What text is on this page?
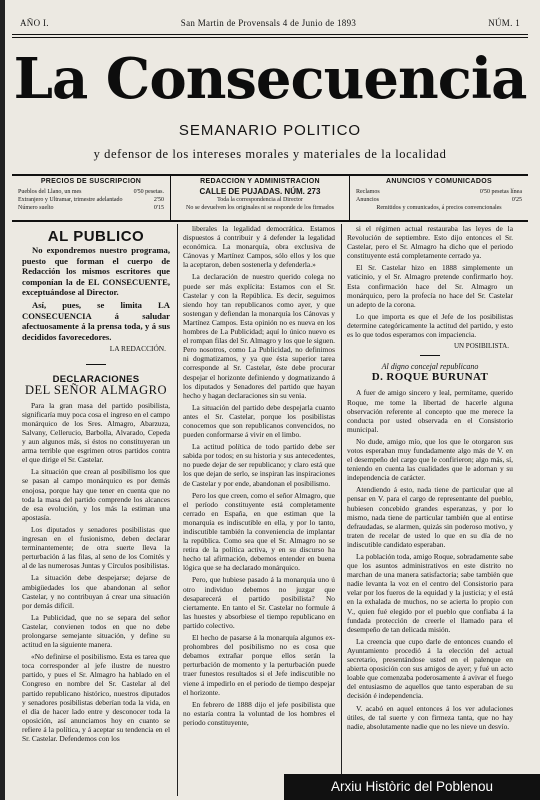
AÑO I.	San Martin de Provensals 4 de Junio de 1893	NÚM. 1
La Consecuencia
SEMANARIO POLITICO
y defensor de los intereses morales y materiales de la localidad
PRECIOS DE SUSCRIPCION
Pueblos del Llano, un mes	0'50 pesetas.
Extranjero y Ultramar, trimestre adelantado	2'50
Número suelto	0'15
REDACCION Y ADMINISTRACION
CALLE DE PUJADAS. NÚM. 273
Toda la correspondencia al Director
No se devuelven los originales ni se responde de los firmados
ANUNCIOS Y COMUNICADOS
Reclamos	0'50 pesetas línea
Anuncios	0'25
Remitidos y comunicados, á precios convencionales
AL PUBLICO

No expondremos nuestro programa, puesto que forman el cuerpo de Redacción los mismos escritores que componían la de EL CONSECUENTE, exceptuándose al Director.

Así, pues, se limita LA CONSECUENCIA á saludar afectuosamente á la prensa toda, y á sus decididos favorecedores.

LA REDACCIÓN.
DECLARACIONES
DEL SEÑOR ALMAGRO

Para la gran masa del partido posibilista, significaría muy poca cosa el ingreso en el campo monárquico de los Sres. Almagro, Abarzuza, Salvany, Cellerucio, Barbolla, Alvarado, Cepeda y aun algunos más, si éstos no constituyeran un arma terrible que esgrimen otros partidos contra el que dirige el Sr. Castelar.

La situación que crean al posibilismo los que se pasan al campo monárquico es por demás enojosa, porque hay que tener en cuenta que no toda la masa del partido comprende los alcances de esa evolución, y los más la estiman una apostasía.

Los diputados y senadores posibilistas que ingresan en el fusionismo, deben declarar terminantemente; de otra suerte lleva la perturbación á las filas, al seno de los Comités y al de las numerosas Juntas y Círculos posibilistas.

La situación debe despejarse; dejarse de ambigüedades los que abandonan al señor Castelar, y no contribuyan á crear una situación por demás difícil.

La Publicidad, que no se separa del señor Castelar, convienen todos en que no debe prolongarse semejante situación, y define su actitud en la siguiente manera.

«No definirse el posibilismo. Esta es tarea que toca corresponder al jefe ilustre de nuestro partido, y pues el Sr. Almagro ha hablado en el Congreso en nombre del Sr. Castelar al del partido republicano histórico, nuestros diputados y senadores posibilistas deberían toda la vida, en el día de hacer lado entre y desconocer toda la oposición, así anunciamos hoy en cuanto se refiere á la política, y á aceptar su tendencia en el Sr. Castelar. Defendemos con los

liberales la legalidad democrática. Estamos dispuestos á contribuir y á defender la legalidad económica. La monarquía, obra exclusiva de Cánovas y Martínez Campos, sólo ellos y los que la aceptaron, deben sostenerla y defenderla.»

La declaración de nuestro querido colega no puede ser más explícita: Estamos con el Sr. Castelar y con la República. Es decir, seguimos siendo hoy tan republicanos como ayer, y que sostengan y defiendan la monarquía los Cánovas y Martínez Campos. Esta opinión no es nueva en los hombres de La Publicidad; aquí lo único nuevo es el rompan filas del Sr. Almagro y los que le siguen. Pero nosotros, como La Publicidad, no definimos ni dogmatizamos, y ya que ésta superior tarea corresponde al Sr. Castelar, éste debe procurar despejar el horizonte definiendo y dogmatizando á los diputados y Senadores del partido que hayan hecho y hagan declaraciones sin su venia.

La situación del partido debe despejarla cuanto antes el Sr. Castelar, porque los posibilistas conocemos que son republicanos convencidos, no pueden conformarse á vivir en el limbo.

La actitud política de todo partido debe ser sabida por todos; en su historia y sus antecedentes, no puede dejar de ser republicano; y claro está que los que dejan de serlo, se inspiran las inspiraciones de Castelar y por ende, abandonan el posibilismo.

Pero los que creen, como el señor Almagro, que el período constituyente está completamente cerrado en España, en que estiman que la monarquía es indiscutible en ella, y por lo tanto, indiscutible también la conveniencia de implantar la república. Como sea que el Sr. Almagro no se retira de la política activa, y en su discurso ha hecho tal afirmación, debemos entender en buena lógica que se ha declarado monárquico.

Pero, que hubiese pasado á la monarquía uno ú otro individuo debemos no juzgar que desaparecerá el partido posibilista? No ciertamente. En tanto el Sr. Castelar no formule á las huestes y absorbiese el tiempo republicano en partido colectivo.

El hecho de pasarse á la monarquía algunos ex-prohombres del posibilismo no es cosa que debamos extrañar porque ellos serán la perturbación de momento y la perturbación puede traer funestos resultados si el Jefe indiscutible no viene á impedirlo en el periodo de tiempo despejar el horizonte.

En febrero de 1888 dijo el jefe posibilista que no estaría contra la voluntad de los hombres el periodo constituyente,

si el régimen actual restauraba las leyes de la Revolución de septiembre. Esto dijo entonces el Sr. Castelar, pero el Sr. Almagro ha dicho que el periodo constituyente está completamente cerrado ya.

El Sr. Castelar hizo en 1888 simplemente un vaticinio, y el Sr. Almagro pretende confirmarlo hoy. Esta confirmación hace del Sr. Almagro un monárquico, pero la profecía no hace del Sr. Castelar un adepto de la corona.

Lo que importa es que el Jefe de los posibilistas determine categóricamente la actitud del partido, y esto es lo que todos esperamos con impaciencia.

UN POSIBILISTA.
Al digno concejal republicano
D. ROQUE BURUNAT

A fuer de amigo sincero y leal, permítame, querido Roque, me tome la libertad de hacerle alguna observación referente al concepto que me merece la conducta por usted observada en el Consistorio municipal.

No dude, amigo mío, que los que le otorgaron sus votos esperaban muy fundadamente algo más de V. en el desempeño del cargo que le confirieron; algo más, sí, teniendo en cuenta las cualidades que le adornan y su independencia de carácter.

Atendiendo á esto, nada tiene de particular que al pensar en V. para el cargo de representante del pueblo, hubiesen concebido grandes esperanzas, y por lo mismo, nada tiene de particular también que al entirse defraudadas, se alarmen, quizás sin poderoso motivo, y traten de recelar de usted lo que en su día de no indiscutible candidato esperaban.

La población toda, amigo Roque, sobradamente sabe que los asuntos administrativos en este distrito no marchan de una manera satisfactoria; sabe también que nadie levanta la voz en el centro del Consistorio para velar por los fueros de la equidad y la justicia; y el está en la exhalada de muchos, no se acierta lo propio con V., quien fué elegido por el pueblo que confiaba á la fundada protección de creerle el llamado para el desempeño de tan delicada misión.

La creencia que cupo darle de entonces cuando el Ayuntamiento procedió á la elección del actual secretario, presentándose usted en el palenque en abierta oposición con sus amigos de ayer; y fué un acto loable que comenzaba poderosamente á avivar el fuego del entusiasmo de aquellos que tanto esperaban de su decisión é independencia.

V. acabó en aquel entonces á los ver adulaciones útiles, de tal suerte y con firmeza tanta, que no hay nadie, absolutamente nadie que no les nieve un desvío.

Arxiu Històric del Poblenou
